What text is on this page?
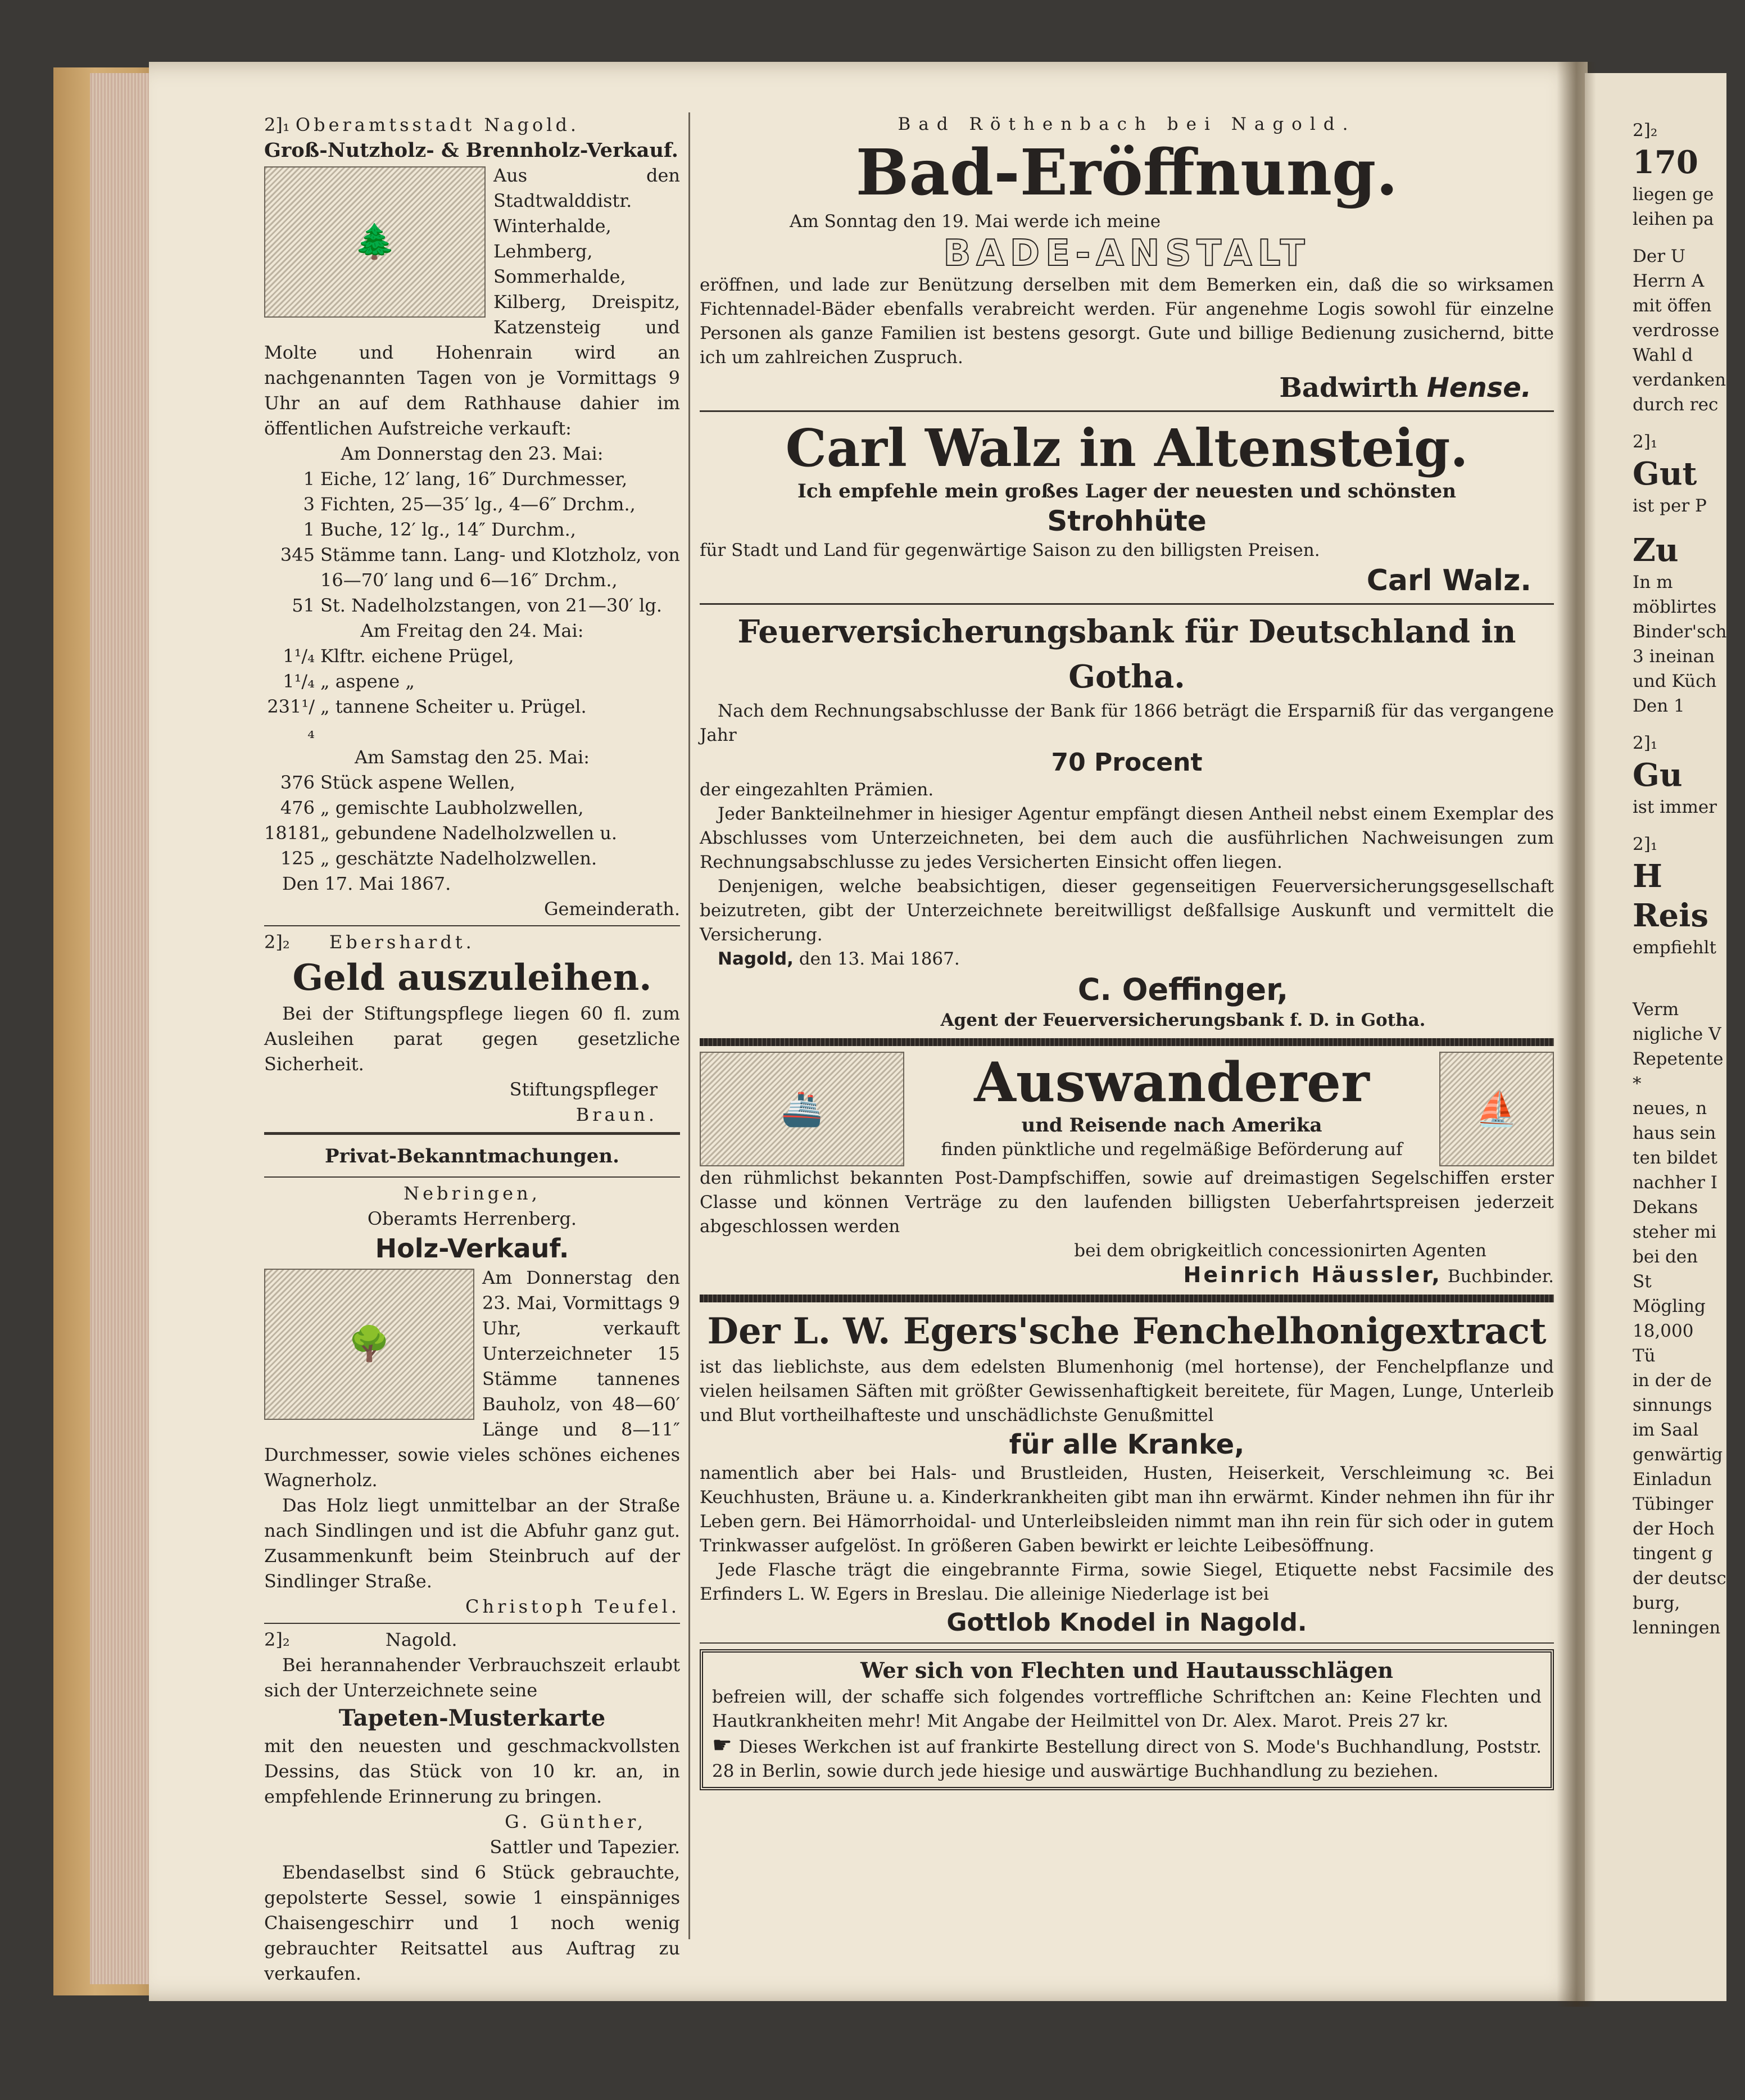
2]₁ Oberamtsstadt Nagold.

Groß-Nutzholz- & Brennholz-Verkauf.

🌲

Aus den Stadtwalddistr. Winterhalde, Lehmberg, Sommerhalde, Kilberg, Dreispitz, Katzensteig und Molte und Hohenrain wird an nachgenannten Tagen von je Vormittags 9 Uhr an auf dem Rathhause dahier im öffentlichen Aufstreiche verkauft:

Am Donnerstag den 23. Mai:

1 Eiche, 12′ lang, 16″ Durchmesser,
3 Fichten, 25—35′ lg., 4—6″ Drchm.,
1 Buche, 12′ lg., 14″ Durchm.,
345 Stämme tann. Lang- und Klotzholz, von 16—70′ lang und 6—16″ Drchm.,
51 St. Nadelholzstangen, von 21—30′ lg.

Am Freitag den 24. Mai:

1¹/₄ Klftr. eichene Prügel,
1¹/₄ „ aspene „
231¹/₄
„ tannene Scheiter u. Prügel.

Am Samstag den 25. Mai:

376 Stück aspene Wellen,
476 „ gemischte Laubholzwellen,
18181
„ gebundene Nadelholzwellen u.
125 „ geschätzte Nadelholzwellen.

Den 17. Mai 1867.

Gemeinderath.

2]₂ Ebershardt.

Geld auszuleihen.

Bei der Stiftungspflege liegen 60 fl. zum Ausleihen parat gegen gesetzliche Sicherheit.

Stiftungspfleger

Braun.

Privat-Bekanntmachungen.

Nebringen,

Oberamts Herrenberg.

Holz-Verkauf.

🌳

Am Donnerstag den 23. Mai, Vormittags 9 Uhr, verkauft Unterzeichneter 15 Stämme tannenes Bauholz, von 48—60′ Länge und 8—11″ Durchmesser, sowie vieles schönes eichenes Wagnerholz.

Das Holz liegt unmittelbar an der Straße nach Sindlingen und ist die Abfuhr ganz gut. Zusammenkunft beim Steinbruch auf der Sindlinger Straße.

Christoph Teufel.

2]₂	Nagold.

Bei herannahender Verbrauchszeit erlaubt sich der Unterzeichnete seine

Tapeten-Musterkarte

mit den neuesten und geschmackvollsten Dessins, das Stück von 10 kr. an, in empfehlende Erinnerung zu bringen.

G. Günther,

Sattler und Tapezier.

Ebendaselbst sind 6 Stück gebrauchte, gepolsterte Sessel, sowie 1 einspänniges Chaisengeschirr und 1 noch wenig gebrauchter Reitsattel aus Auftrag zu verkaufen.

Bad Röthenbach bei Nagold.

Bad-Eröffnung.

Am Sonntag den 19. Mai werde ich meine

BADE-ANSTALT

eröffnen, und lade zur Benützung derselben mit dem Bemerken ein, daß die so wirksamen Fichtennadel-Bäder ebenfalls verabreicht werden. Für angenehme Logis sowohl für einzelne Personen als ganze Familien ist bestens gesorgt. Gute und billige Bedienung zusichernd, bitte ich um zahlreichen Zuspruch.

Badwirth Hense.

Carl Walz in Altensteig.

Ich empfehle mein großes Lager der neuesten und schönsten

Strohhüte

für Stadt und Land für gegenwärtige Saison zu den billigsten Preisen.

Carl Walz.

Feuerversicherungsbank für Deutschland in Gotha.

Nach dem Rechnungsabschlusse der Bank für 1866 beträgt die Ersparniß für das vergangene Jahr

70 Procent

der eingezahlten Prämien.

Jeder Bankteilnehmer in hiesiger Agentur empfängt diesen Antheil nebst einem Exemplar des Abschlusses vom Unterzeichneten, bei dem auch die ausführlichen Nachweisungen zum Rechnungsabschlusse zu jedes Versicherten Einsicht offen liegen.

Denjenigen, welche beabsichtigen, dieser gegenseitigen Feuerversicherungsgesellschaft beizutreten, gibt der Unterzeichnete bereitwilligst deßfallsige Auskunft und vermittelt die Versicherung.

Nagold, den 13. Mai 1867.

C. Oeffinger,

Agent der Feuerversicherungsbank f. D. in Gotha.

🚢	Auswanderer

und Reisende nach Amerika

finden pünktliche und regelmäßige Beförderung auf

⛵

den rühmlichst bekannten Post-Dampfschiffen, sowie auf dreimastigen Segelschiffen erster Classe und können Verträge zu den laufenden billigsten Ueberfahrtspreisen jederzeit abgeschlossen werden

bei dem obrigkeitlich concessionirten Agenten

Heinrich Häussler, Buchbinder.

Der L. W. Egers'sche Fenchelhonigextract

ist das lieblichste, aus dem edelsten Blumenhonig (mel hortense), der Fenchelpflanze und vielen heilsamen Säften mit größter Gewissenhaftigkeit bereitete, für Magen, Lunge, Unterleib und Blut vortheilhafteste und unschädlichste Genußmittel

für alle Kranke,

namentlich aber bei Hals- und Brustleiden, Husten, Heiserkeit, Verschleimung ꝛc. Bei Keuchhusten, Bräune u. a. Kinderkrankheiten gibt man ihn erwärmt. Kinder nehmen ihn für ihr Leben gern. Bei Hämorrhoidal- und Unterleibsleiden nimmt man ihn rein für sich oder in gutem Trinkwasser aufgelöst. In größeren Gaben bewirkt er leichte Leibesöffnung.

Jede Flasche trägt die eingebrannte Firma, sowie Siegel, Etiquette nebst Facsimile des Erfinders L. W. Egers in Breslau. Die alleinige Niederlage ist bei

Gottlob Knodel in Nagold.

Wer sich von Flechten und Hautausschlägen

befreien will, der schaffe sich folgendes vortreffliche Schriftchen an: Keine Flechten und Hautkrankheiten mehr! Mit Angabe der Heilmittel von Dr. Alex. Marot. Preis 27 kr.

☛ Dieses Werkchen ist auf frankirte Bestellung direct von S. Mode's Buchhandlung, Poststr. 28 in Berlin, sowie durch jede hiesige und auswärtige Buchhandlung zu beziehen.

2]₂

170

liegen ge

leihen pa

Der U

Herrn A

mit öffen

verdrosse

Wahl d

verdanken

durch rec

2]₁

Gut

ist per P

Zu

In m

möblirtes

Binder'sch

3 ineinan

und Küch

Den 1

2]₁

Gu

ist immer

2]₁

H

Reis

empfiehlt

Verm

nigliche V

Repetente

*

neues, n

haus sein

ten bildet

nachher I

Dekans

steher mi

bei den

St

Mögling

18,000

Tü

in der de

sinnungs

im Saal

genwärtig

Einladun

Tübinger

der Hoch

tingent g

der deutsc

burg,

lenningen
